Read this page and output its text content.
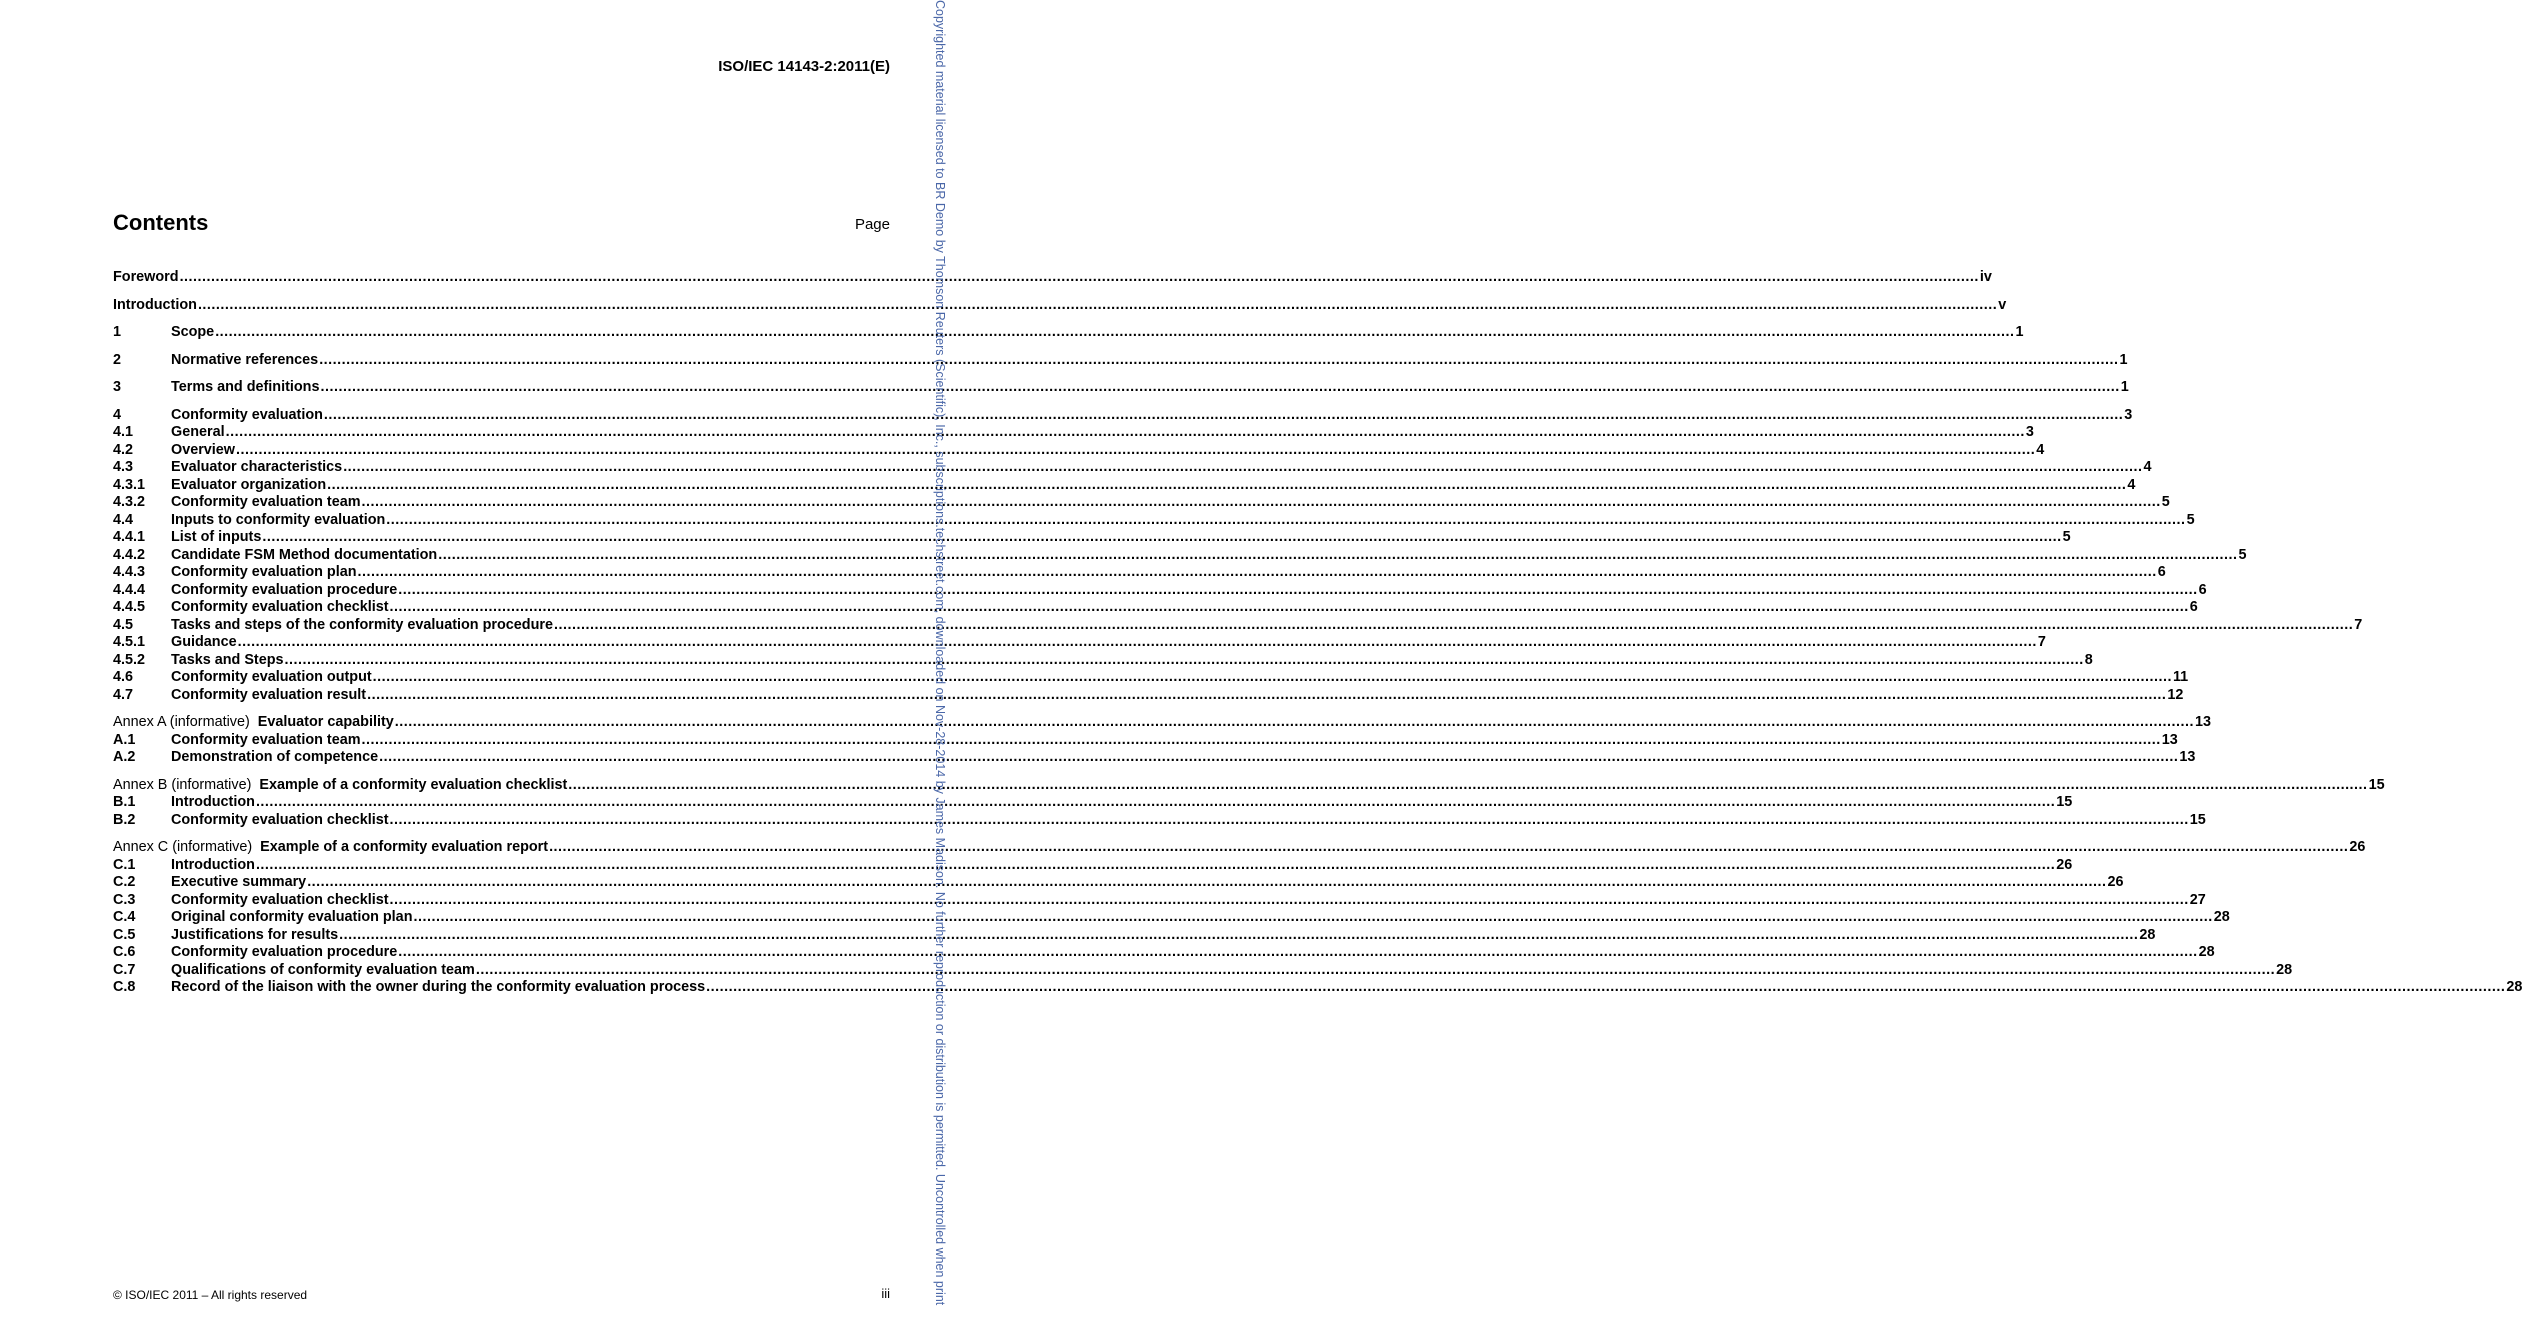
ISO/IEC 14143-2:2011(E)
Contents	Page
Foreword ................................................................................................................................................................................................................................................................................................................................................................................................................ iv
Introduction ................................................................................................................................................................................................................................................................................................................................................................................................................ v
1	Scope ................................................................................................................................................................................................................................................................................................................................................................................................................ 1
2	Normative references ................................................................................................................................................................................................................................................................................................................................................................................................................ 1
3	Terms and definitions ................................................................................................................................................................................................................................................................................................................................................................................................................ 1
4	Conformity evaluation ................................................................................................................................................................................................................................................................................................................................................................................................................ 3
4.1	General ................................................................................................................................................................................................................................................................................................................................................................................................................ 3
4.2	Overview ................................................................................................................................................................................................................................................................................................................................................................................................................ 4
4.3	Evaluator characteristics ................................................................................................................................................................................................................................................................................................................................................................................................................ 4
4.3.1	Evaluator organization ................................................................................................................................................................................................................................................................................................................................................................................................................ 4
4.3.2	Conformity evaluation team ................................................................................................................................................................................................................................................................................................................................................................................................................ 5
4.4	Inputs to conformity evaluation ................................................................................................................................................................................................................................................................................................................................................................................................................ 5
4.4.1	List of inputs ................................................................................................................................................................................................................................................................................................................................................................................................................ 5
4.4.2	Candidate FSM Method documentation ................................................................................................................................................................................................................................................................................................................................................................................................................ 5
4.4.3	Conformity evaluation plan ................................................................................................................................................................................................................................................................................................................................................................................................................ 6
4.4.4	Conformity evaluation procedure ................................................................................................................................................................................................................................................................................................................................................................................................................ 6
4.4.5	Conformity evaluation checklist ................................................................................................................................................................................................................................................................................................................................................................................................................ 6
4.5	Tasks and steps of the conformity evaluation procedure ................................................................................................................................................................................................................................................................................................................................................................................................................ 7
4.5.1	Guidance ................................................................................................................................................................................................................................................................................................................................................................................................................ 7
4.5.2	Tasks and Steps ................................................................................................................................................................................................................................................................................................................................................................................................................ 8
4.6	Conformity evaluation output ................................................................................................................................................................................................................................................................................................................................................................................................................ 11
4.7	Conformity evaluation result ................................................................................................................................................................................................................................................................................................................................................................................................................ 12
Annex A (informative) Evaluator capability ................................................................................................................................................................................................................................................................................................................................................................................................................ 13
A.1	Conformity evaluation team ................................................................................................................................................................................................................................................................................................................................................................................................................ 13
A.2	Demonstration of competence ................................................................................................................................................................................................................................................................................................................................................................................................................ 13
Annex B (informative) Example of a conformity evaluation checklist ................................................................................................................................................................................................................................................................................................................................................................................................................ 15
B.1	Introduction ................................................................................................................................................................................................................................................................................................................................................................................................................ 15
B.2	Conformity evaluation checklist ................................................................................................................................................................................................................................................................................................................................................................................................................ 15
Annex C (informative) Example of a conformity evaluation report ................................................................................................................................................................................................................................................................................................................................................................................................................ 26
C.1	Introduction ................................................................................................................................................................................................................................................................................................................................................................................................................ 26
C.2	Executive summary ................................................................................................................................................................................................................................................................................................................................................................................................................ 26
C.3	Conformity evaluation checklist ................................................................................................................................................................................................................................................................................................................................................................................................................ 27
C.4	Original conformity evaluation plan ................................................................................................................................................................................................................................................................................................................................................................................................................ 28
C.5	Justifications for results ................................................................................................................................................................................................................................................................................................................................................................................................................ 28
C.6	Conformity evaluation procedure ................................................................................................................................................................................................................................................................................................................................................................................................................ 28
C.7	Qualifications of conformity evaluation team ................................................................................................................................................................................................................................................................................................................................................................................................................ 28
C.8	Record of the liaison with the owner during the conformity evaluation process ................................................................................................................................................................................................................................................................................................................................................................................................................ 28
© ISO/IEC 2011 – All rights reserved	iii	Copyrighted material licensed to BR Demo by Thomson Reuters (Scientific), Inc., subscriptions.techstreet.com, downloaded on Nov-28-2014 by James Madison. No further reproduction or distribution is permitted. Uncontrolled when print
